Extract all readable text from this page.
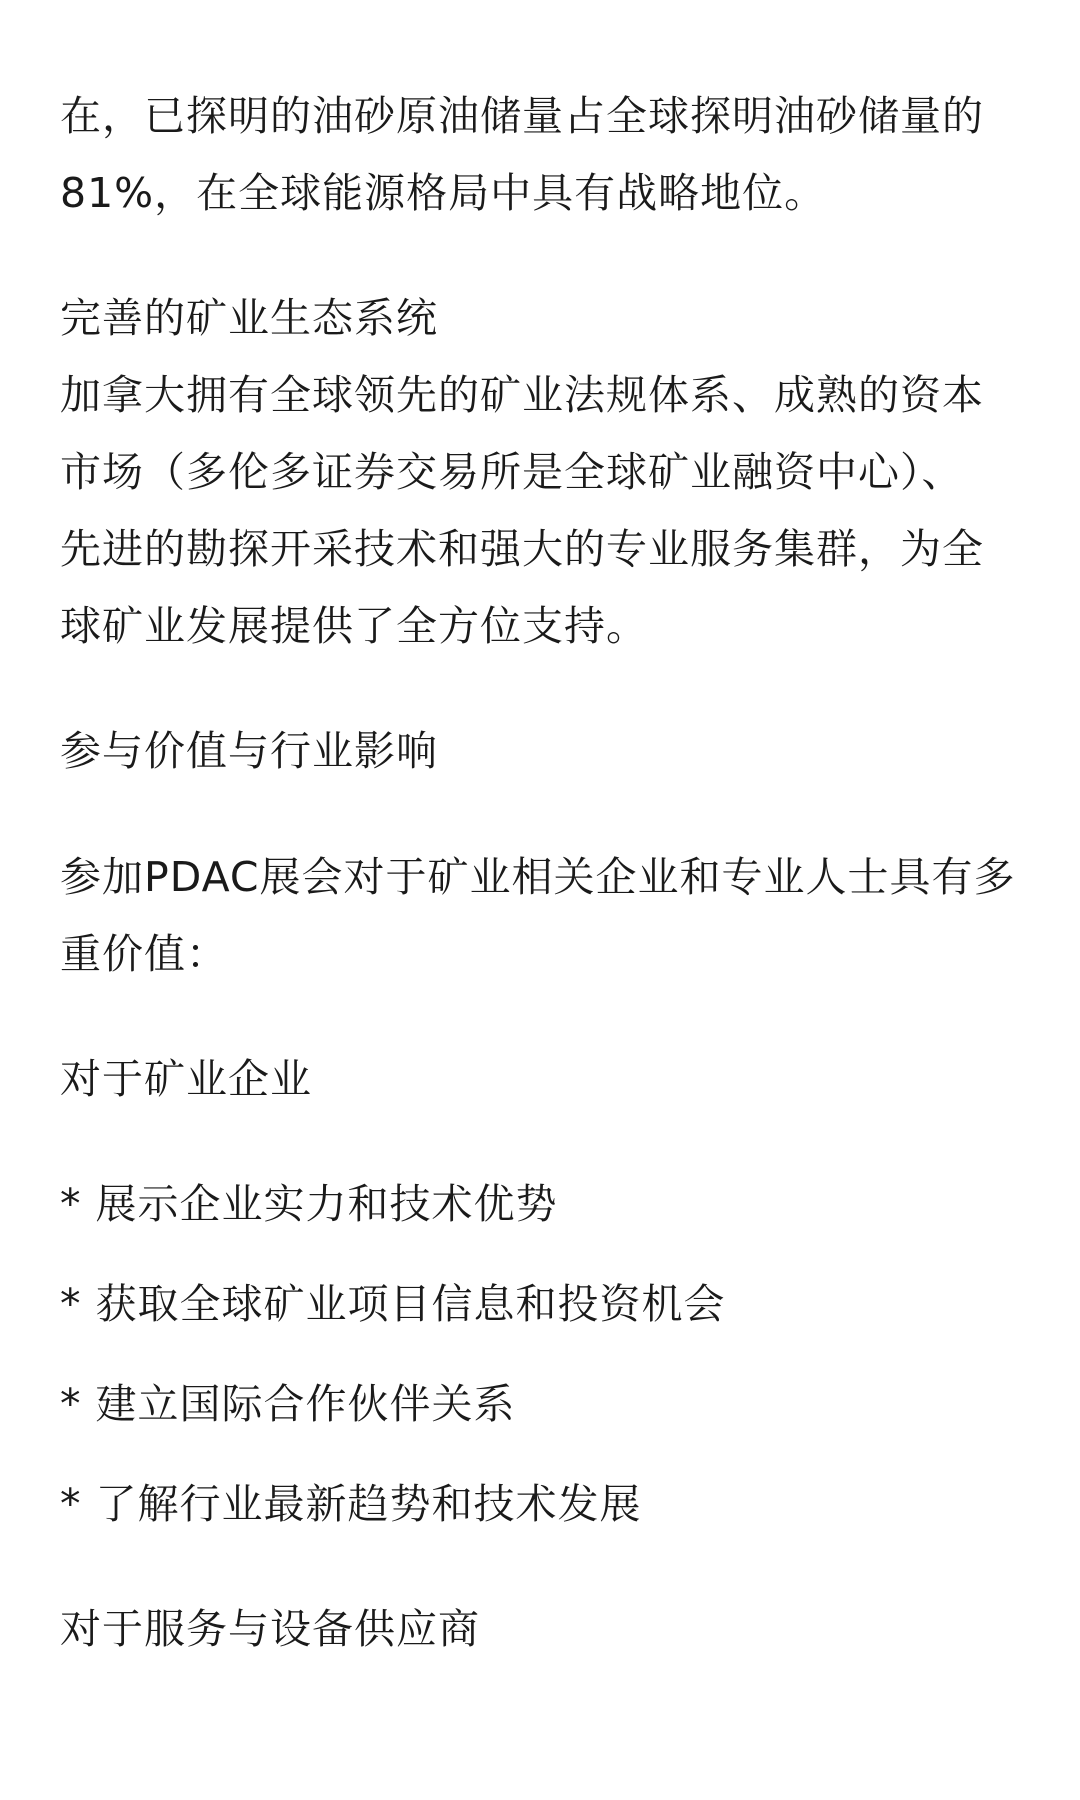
在，已探明的油砂原油储量占全球探明油砂储量的
81%，在全球能源格局中具有战略地位。
完善的矿业生态系统
加拿大拥有全球领先的矿业法规体系、成熟的资本
市场（多伦多证券交易所是全球矿业融资中心）、
先进的勘探开采技术和强大的专业服务集群，为全
球矿业发展提供了全方位支持。
参与价值与行业影响
参加PDAC展会对于矿业相关企业和专业人士具有多
重价值：
对于矿业企业
* 展示企业实力和技术优势
* 获取全球矿业项目信息和投资机会
* 建立国际合作伙伴关系
* 了解行业最新趋势和技术发展
对于服务与设备供应商
